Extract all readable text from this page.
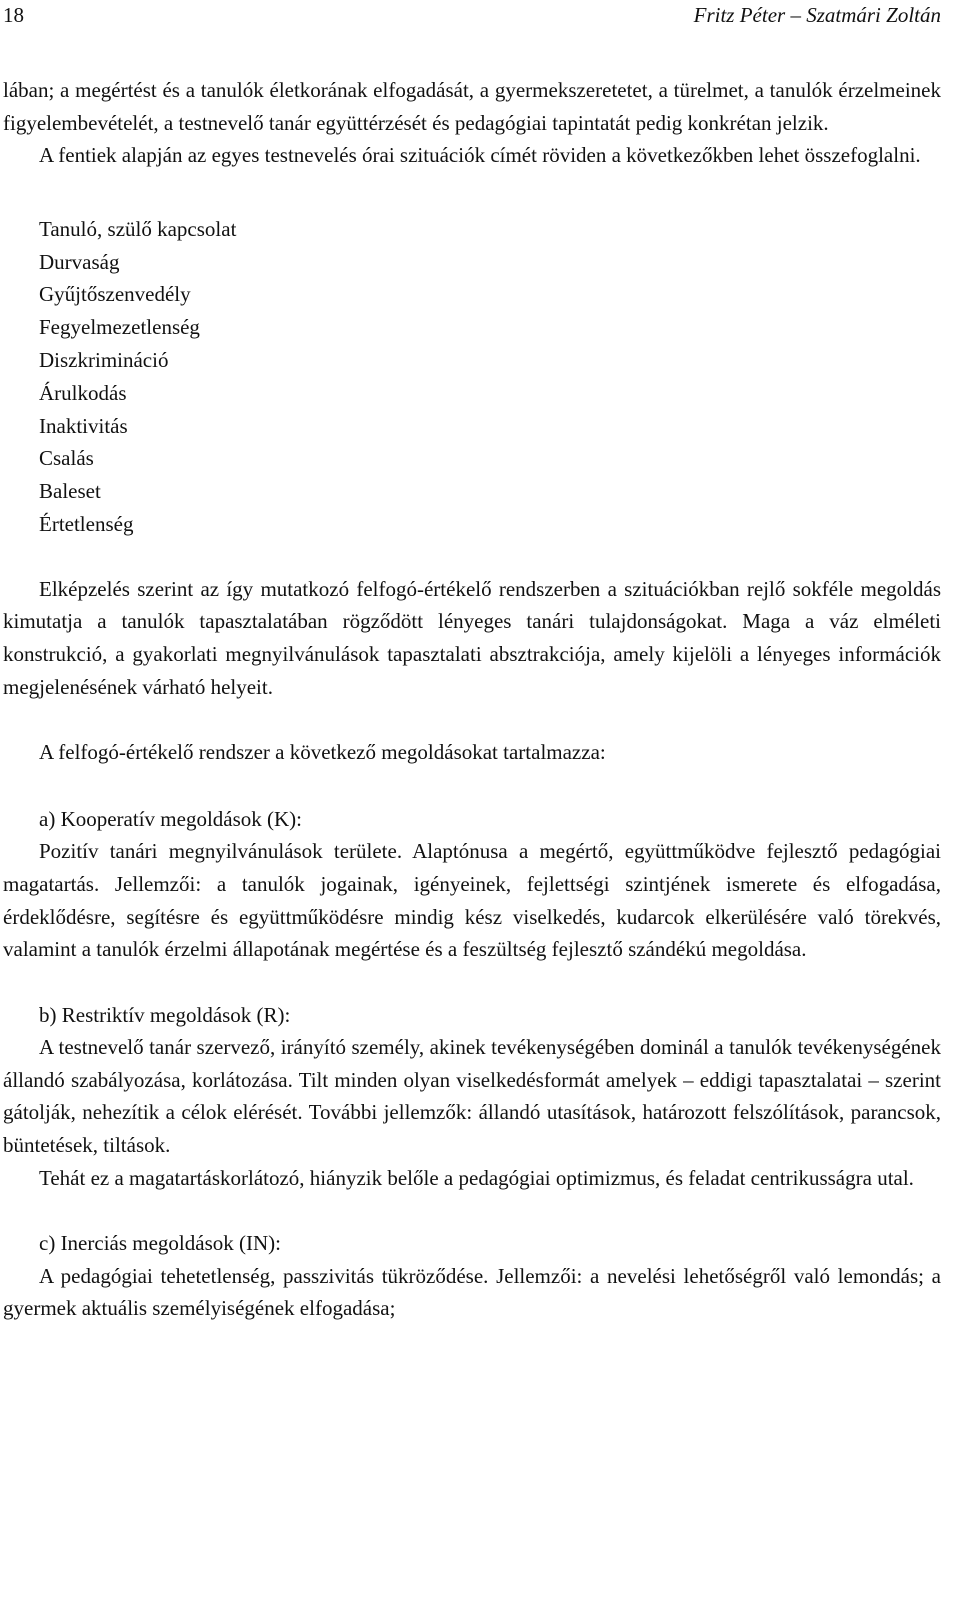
18	Fritz Péter – Szatmári Zoltán

lában; a megértést és a tanulók életkorának elfogadását, a gyermekszeretetet, a türelmet, a tanulók érzelmeinek figyelembevételét, a testnevelő tanár együttérzését és pedagógiai tapintatát pedig konkrétan jelzik.

A fentiek alapján az egyes testnevelés órai szituációk címét röviden a következőkben lehet összefoglalni.

Tanuló, szülő kapcsolat
Durvaság
Gyűjtőszenvedély
Fegyelmezetlenség
Diszkrimináció
Árulkodás
Inaktivitás
Csalás
Baleset
Értetlenség

Elképzelés szerint az így mutatkozó felfogó-értékelő rendszerben a szituációkban rejlő sokféle megoldás kimutatja a tanulók tapasztalatában rögződött lényeges tanári tulajdonságokat. Maga a váz elméleti konstrukció, a gyakorlati megnyilvánulások tapasztalati absztrakciója, amely kijelöli a lényeges információk megjelenésének várható helyeit.

A felfogó-értékelő rendszer a következő megoldásokat tartalmazza:

a) Kooperatív megoldások (K):

Pozitív tanári megnyilvánulások területe. Alaptónusa a megértő, együttműködve fejlesztő pedagógiai magatartás. Jellemzői: a tanulók jogainak, igényeinek, fejlettségi szintjének ismerete és elfogadása, érdeklődésre, segítésre és együttműködésre mindig kész viselkedés, kudarcok elkerülésére való törekvés, valamint a tanulók érzelmi állapotának megértése és a feszültség fejlesztő szándékú megoldása.

b) Restriktív megoldások (R):

A testnevelő tanár szervező, irányító személy, akinek tevékenységében dominál a tanulók tevékenységének állandó szabályozása, korlátozása. Tilt minden olyan viselkedésformát amelyek – eddigi tapasztalatai – szerint gátolják, nehezítik a célok elérését. További jellemzők: állandó utasítások, határozott felszólítások, parancsok, büntetések, tiltások.

Tehát ez a magatartáskorlátozó, hiányzik belőle a pedagógiai optimizmus, és feladat centrikusságra utal.

c) Inerciás megoldások (IN):

A pedagógiai tehetetlenség, passzivitás tükröződése. Jellemzői: a nevelési lehetőségről való lemondás; a gyermek aktuális személyiségének elfogadása;
